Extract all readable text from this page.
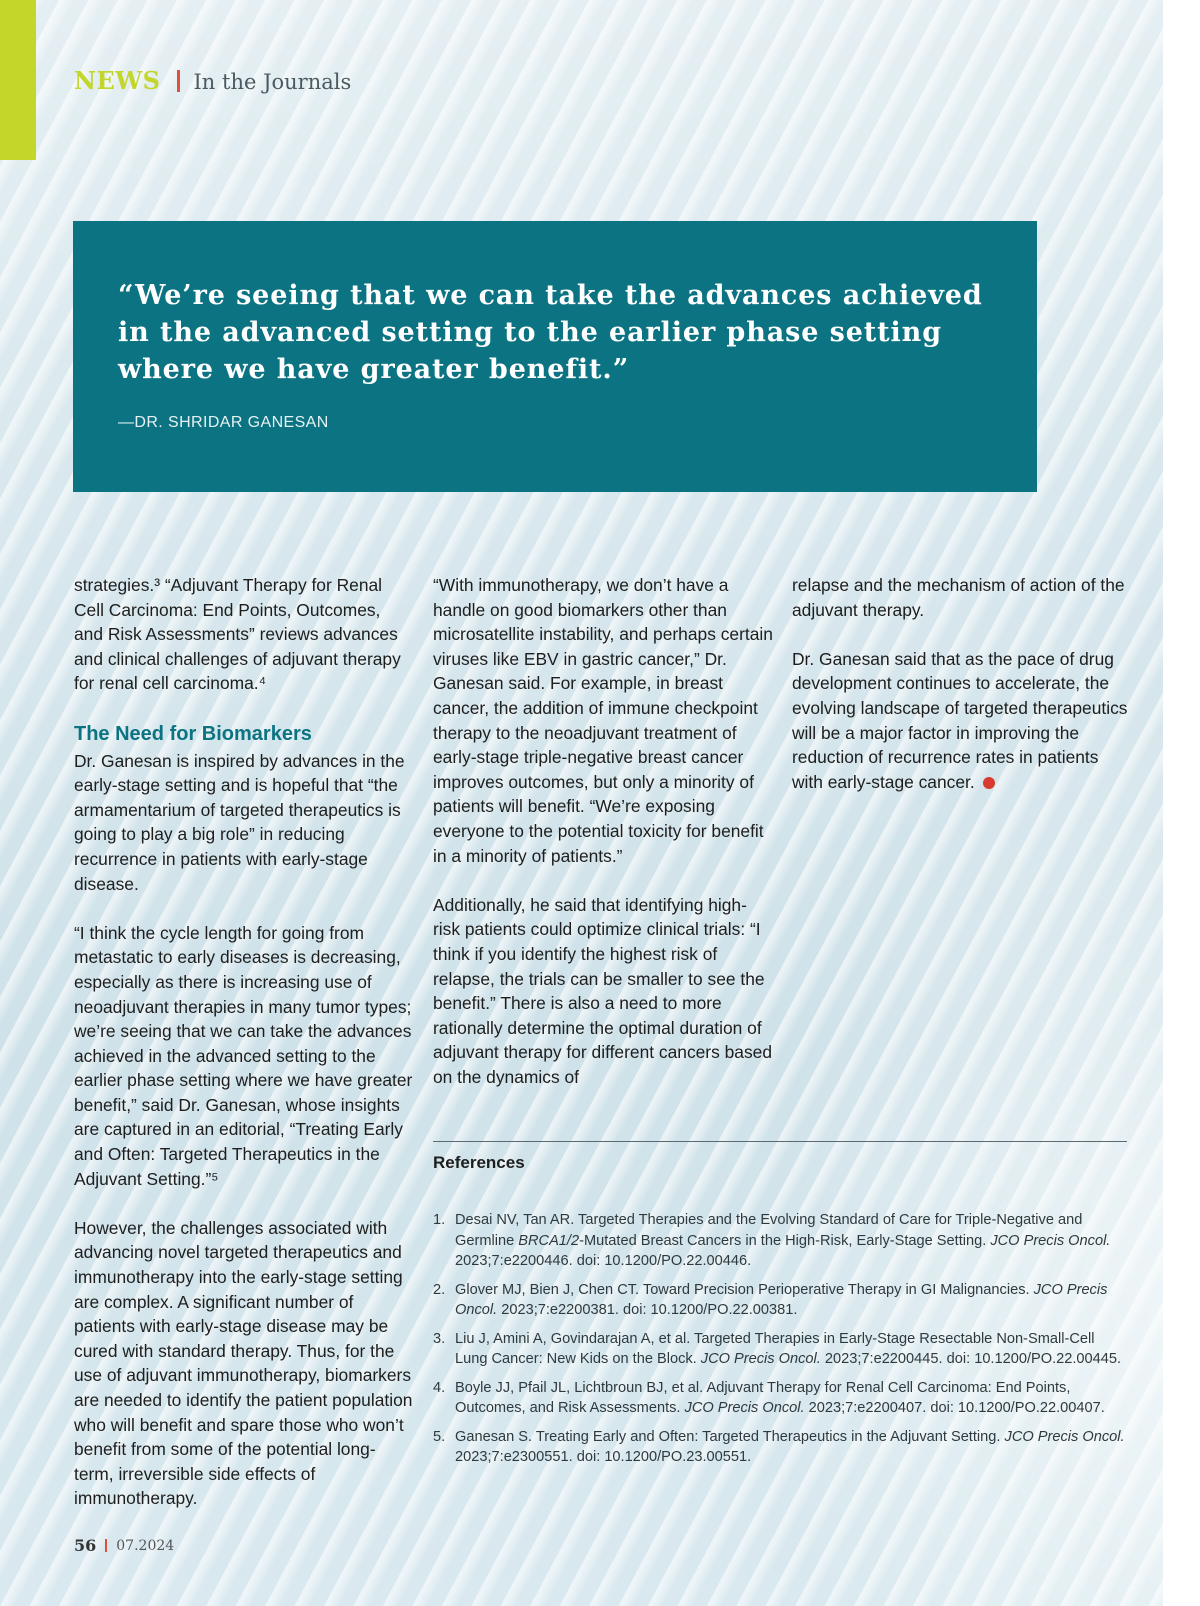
NEWS In the Journals

“We’re seeing that we can take the advances achieved in the advanced setting to the earlier phase setting where we have greater benefit.”

—DR. SHRIDAR GANESAN

strategies.³ “Adjuvant Therapy for Renal Cell Carcinoma: End Points, Outcomes, and Risk Assessments” reviews advances and clinical challenges of adjuvant therapy for renal cell carcinoma.⁴

The Need for Biomarkers

Dr. Ganesan is inspired by advances in the early-stage setting and is hopeful that “the armamentarium of targeted therapeutics is going to play a big role” in reducing recurrence in patients with early-stage disease.

“I think the cycle length for going from metastatic to early diseases is decreasing, especially as there is increasing use of neoadjuvant therapies in many tumor types; we’re seeing that we can take the advances achieved in the advanced setting to the earlier phase setting where we have greater benefit,” said Dr. Ganesan, whose insights are captured in an editorial, “Treating Early and Often: Targeted Therapeutics in the Adjuvant Setting.”⁵

However, the challenges associated with advancing novel targeted therapeutics and immunotherapy into the early-stage setting are complex. A significant number of patients with early-stage disease may be cured with standard therapy. Thus, for the use of adjuvant immunotherapy, biomarkers are needed to identify the patient population who will benefit and spare those who won’t benefit from some of the potential long-term, irreversible side effects of immunotherapy.

“With immunotherapy, we don’t have a handle on good biomarkers other than microsatellite instability, and perhaps certain viruses like EBV in gastric cancer,” Dr. Ganesan said. For example, in breast cancer, the addition of immune checkpoint therapy to the neoadjuvant treatment of early-stage triple-negative breast cancer improves outcomes, but only a minority of patients will benefit. “We’re exposing everyone to the potential toxicity for benefit in a minority of patients.”

Additionally, he said that identifying high-risk patients could optimize clinical trials: “I think if you identify the highest risk of relapse, the trials can be smaller to see the benefit.” There is also a need to more rationally determine the optimal duration of adjuvant therapy for different cancers based on the dynamics of

relapse and the mechanism of action of the adjuvant therapy.

Dr. Ganesan said that as the pace of drug development continues to accelerate, the evolving landscape of targeted therapeutics will be a major factor in improving the reduction of recurrence rates in patients with early-stage cancer.

References
1. Desai NV, Tan AR. Targeted Therapies and the Evolving Standard of Care for Triple-Negative and Germline BRCA1/2-Mutated Breast Cancers in the High-Risk, Early-Stage Setting. JCO Precis Oncol. 2023;7:e2200446. doi: 10.1200/PO.22.00446.
2. Glover MJ, Bien J, Chen CT. Toward Precision Perioperative Therapy in GI Malignancies. JCO Precis Oncol. 2023;7:e2200381. doi: 10.1200/PO.22.00381.
3. Liu J, Amini A, Govindarajan A, et al. Targeted Therapies in Early-Stage Resectable Non-Small-Cell Lung Cancer: New Kids on the Block. JCO Precis Oncol. 2023;7:e2200445. doi: 10.1200/PO.22.00445.
4. Boyle JJ, Pfail JL, Lichtbroun BJ, et al. Adjuvant Therapy for Renal Cell Carcinoma: End Points, Outcomes, and Risk Assessments. JCO Precis Oncol. 2023;7:e2200407. doi: 10.1200/PO.22.00407.
5. Ganesan S. Treating Early and Often: Targeted Therapeutics in the Adjuvant Setting. JCO Precis Oncol. 2023;7:e2300551. doi: 10.1200/PO.23.00551.
56 07.2024
